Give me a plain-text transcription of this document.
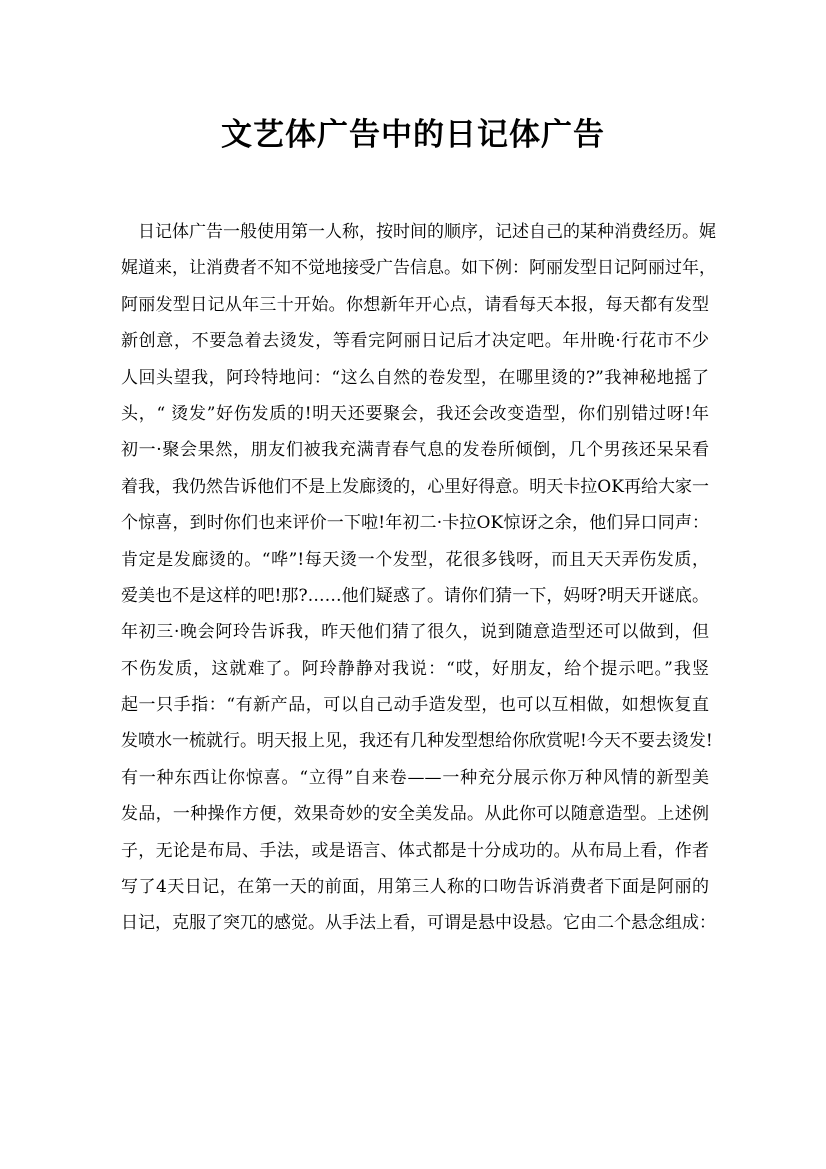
文艺体广告中的日记体广告
日记体广告一般使用第一人称，按时间的顺序，记述自己的某种消费经历。娓
娓道来，让消费者不知不觉地接受广告信息。如下例：阿丽发型日记阿丽过年，
阿丽发型日记从年三十开始。你想新年开心点，请看每天本报，每天都有发型
新创意，不要急着去烫发，等看完阿丽日记后才决定吧。年卅晚·行花市不少
人回头望我，阿玲特地问：“这么自然的卷发型，在哪里烫的?”我神秘地摇了
头，“ 烫发”好伤发质的!明天还要聚会，我还会改变造型，你们别错过呀!年
初一·聚会果然，朋友们被我充满青春气息的发卷所倾倒，几个男孩还呆呆看
着我，我仍然告诉他们不是上发廊烫的，心里好得意。明天卡拉OK再给大家一
个惊喜，到时你们也来评价一下啦!年初二·卡拉OK惊讶之余，他们异口同声：
肯定是发廊烫的。“哗”!每天烫一个发型，花很多钱呀，而且天天弄伤发质，
爱美也不是这样的吧!那?……他们疑惑了。请你们猜一下，妈呀?明天开谜底。
年初三·晚会阿玲告诉我，昨天他们猜了很久，说到随意造型还可以做到，但
不伤发质，这就难了。阿玲静静对我说：“哎，好朋友，给个提示吧。”我竖
起一只手指：“有新产品，可以自己动手造发型，也可以互相做，如想恢复直
发喷水一梳就行。明天报上见，我还有几种发型想给你欣赏呢!今天不要去烫发!
有一种东西让你惊喜。“立得”自来卷——一种充分展示你万种风情的新型美
发品，一种操作方便，效果奇妙的安全美发品。从此你可以随意造型。上述例
子，无论是布局、手法，或是语言、体式都是十分成功的。从布局上看，作者
写了4天日记，在第一天的前面，用第三人称的口吻告诉消费者下面是阿丽的
日记，克服了突兀的感觉。从手法上看，可谓是悬中设悬。它由二个悬念组成：
